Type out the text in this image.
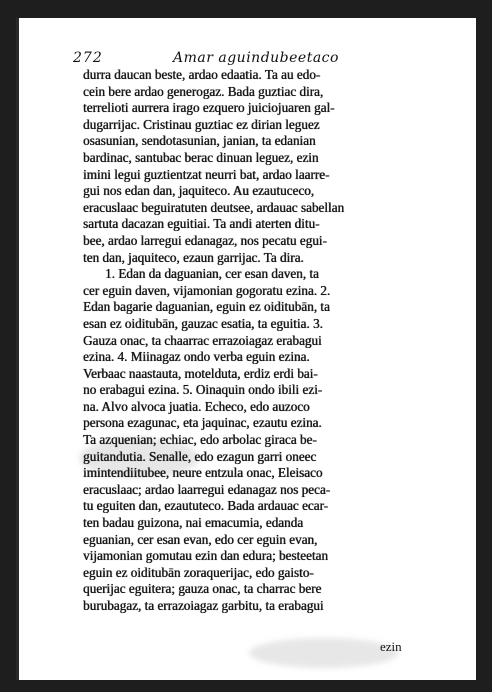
272	Amar aguindubeetaco
durra daucan beste, ardao edaatia. Ta au edo-
cein bere ardao generogaz. Bada guztiac dira,
terrelioti aurrera irago ezquero juiciojuaren gal-
dugarrijac. Cristinau guztiac ez dirian leguez
osasunian, sendotasunian, janian, ta edanian
bardinac, santubac berac dinuan leguez, ezin
imini legui guztientzat neurri bat, ardao laarre-
gui nos edan dan, jaquiteco. Au ezautuceco,
eracuslaac beguiratuten deutsee, ardauac sabellan
sartuta dacazan eguitiai. Ta andi aterten ditu-
bee, ardao larregui edanagaz, nos pecatu egui-
ten dan, jaquiteco, ezaun garrijac. Ta dira.
1. Edan da daguanian, cer esan daven, ta
cer eguin daven, vijamonian gogoratu ezina. 2.
Edan bagarie daguanian, eguin ez oiditubān, ta
esan ez oiditubān, gauzac esatia, ta eguitia. 3.
Gauza onac, ta chaarrac errazoiagaz erabagui
ezina. 4. Miinagaz ondo verba eguin ezina.
Verbaac naastauta, motelduta, erdiz erdi bai-
no erabagui ezina. 5. Oinaquin ondo ibili ezi-
na. Alvo alvoca juatia. Echeco, edo auzoco
persona ezagunac, eta jaquinac, ezautu ezina.
Ta azquenian; echiac, edo arbolac giraca be-
guitandutia. Senalle, edo ezagun garri oneec
imintendiitubee, neure entzula onac, Eleisaco
eracuslaac; ardao laarregui edanagaz nos peca-
tu eguiten dan, ezaututeco. Bada ardauac ecar-
ten badau guizona, nai emacumia, edanda
eguanian, cer esan evan, edo cer eguin evan,
vijamonian gomutau ezin dan edura; besteetan
eguin ez oiditubān zoraquerijac, edo gaisto-
querijac eguitera; gauza onac, ta charrac bere
burubagaz, ta errazoiagaz garbitu, ta erabagui
ezin
